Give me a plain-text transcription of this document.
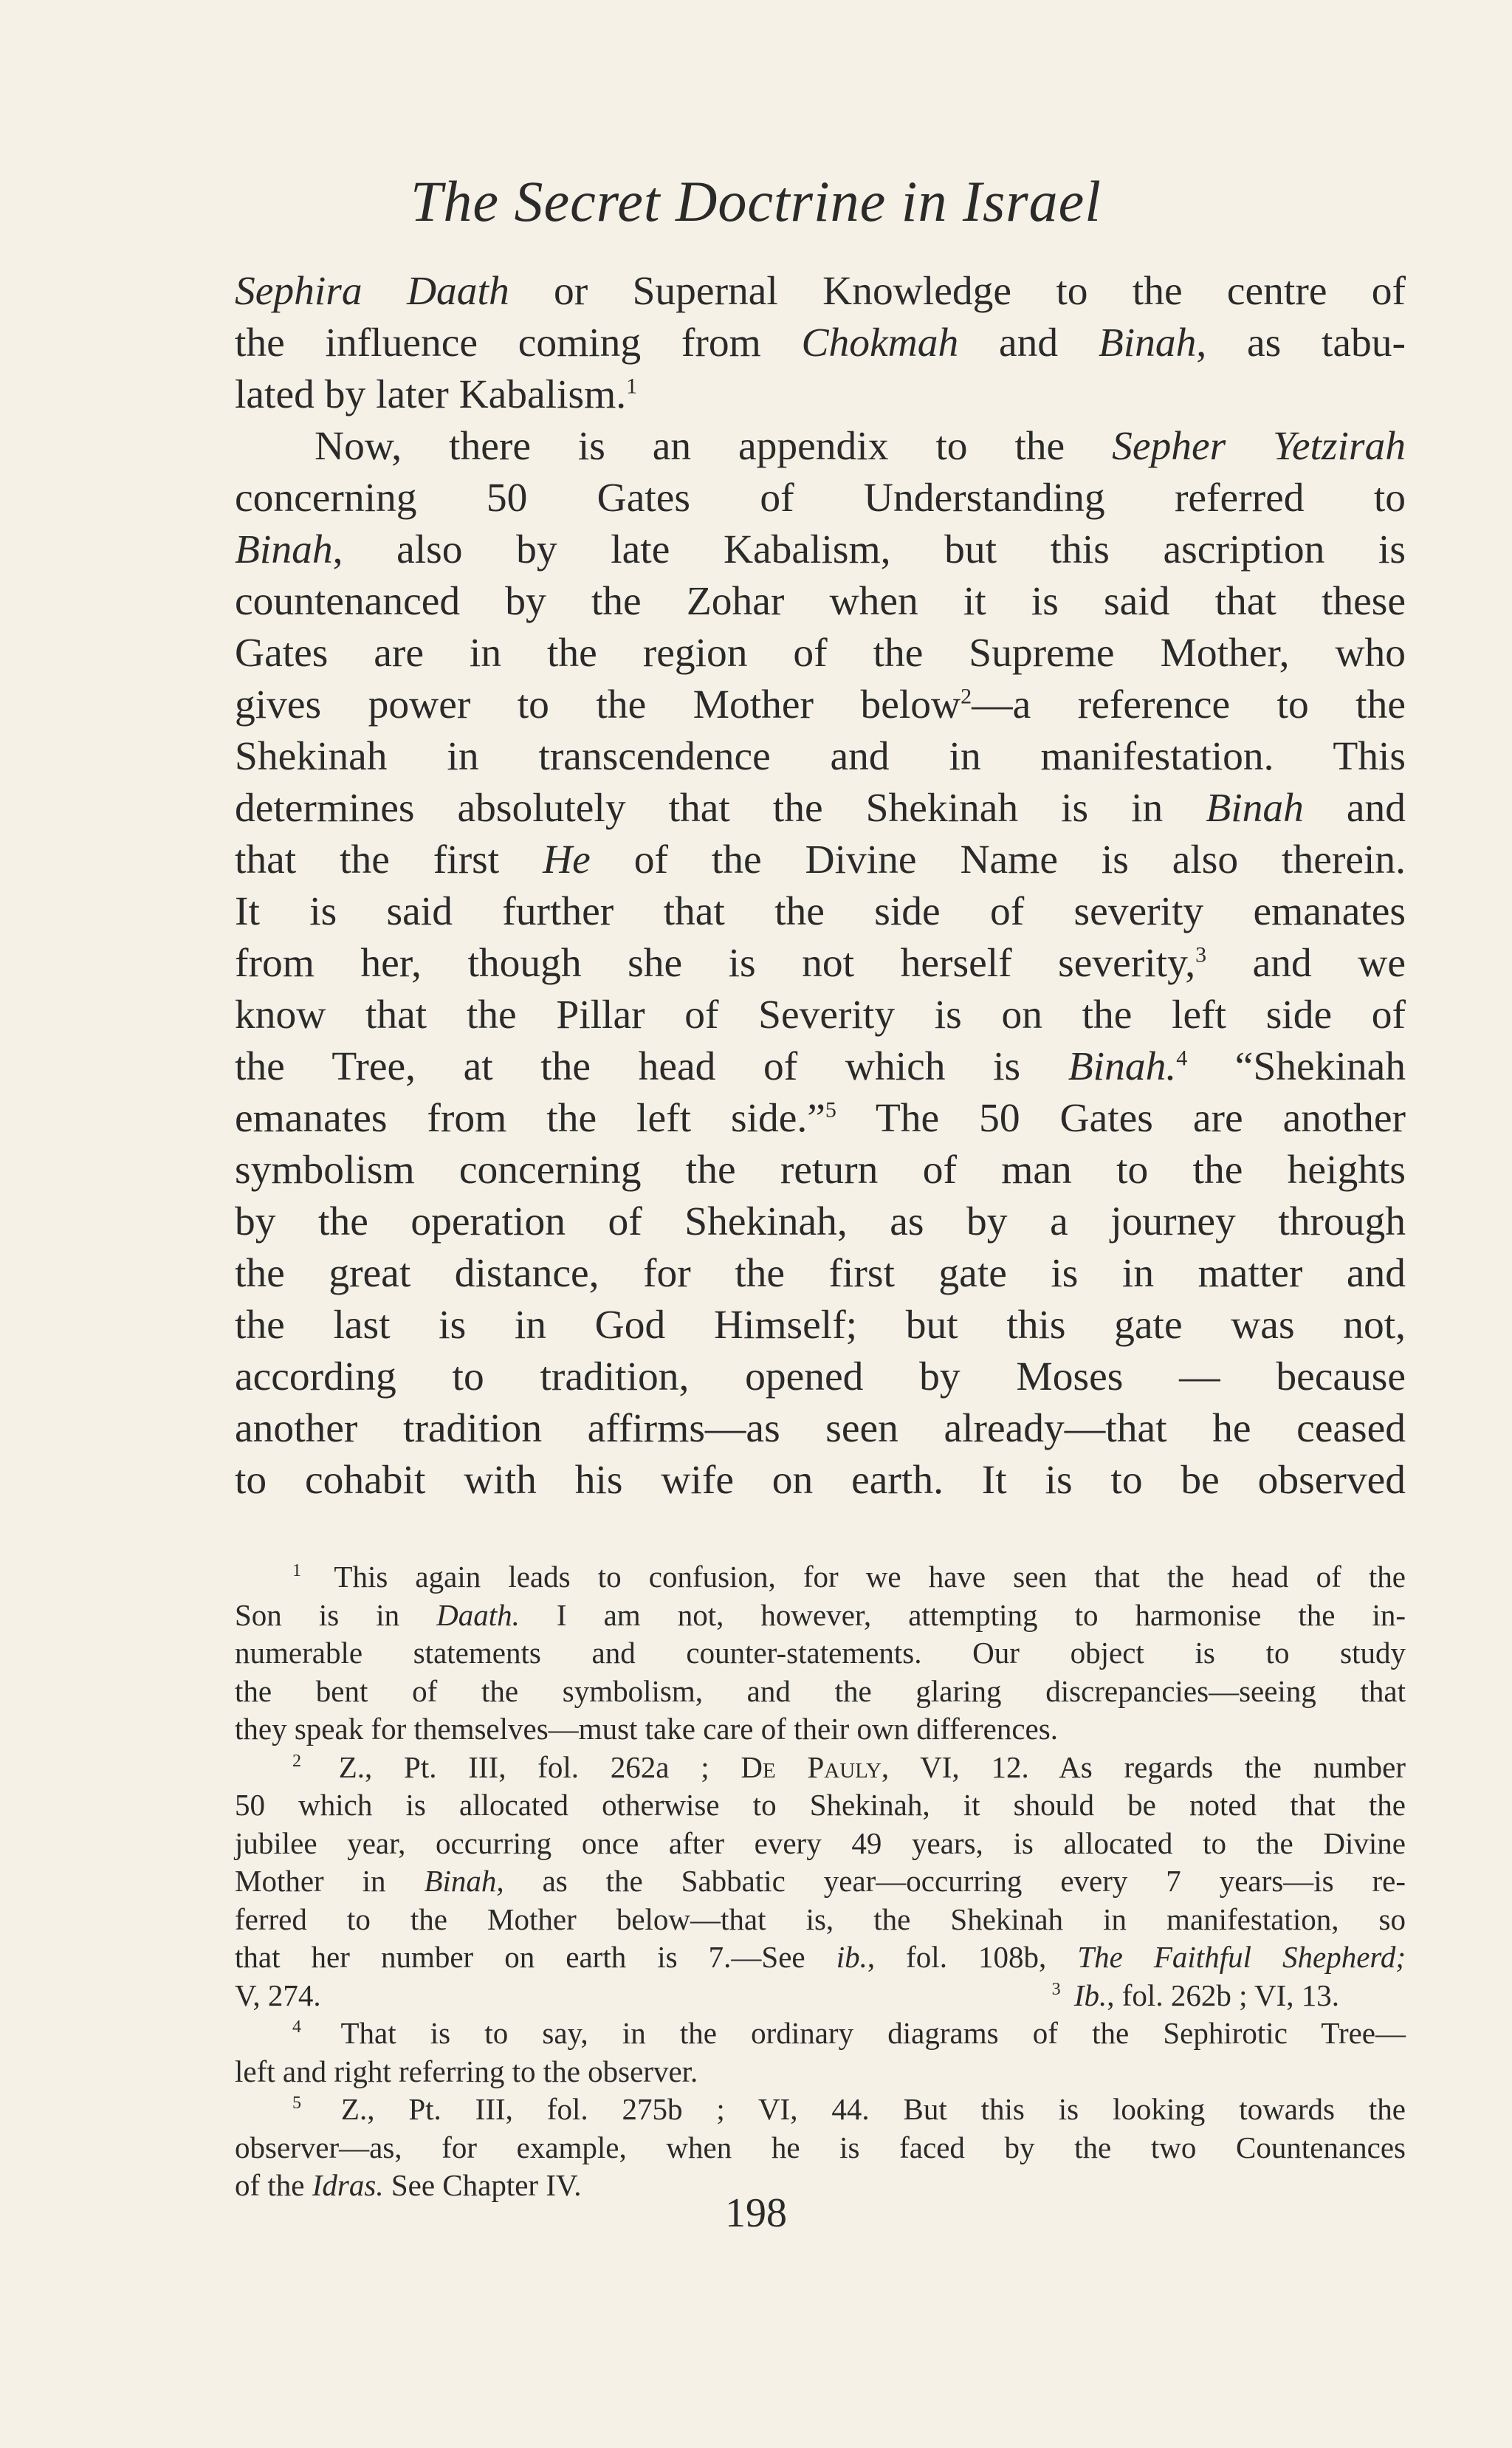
The Secret Doctrine in Israel
Sephira Daath or Supernal Knowledge to the centre of
the influence coming from Chokmah and Binah, as tabu-
lated by later Kabalism.$^1$
Now, there is an appendix to the Sepher Yetzirah
concerning 50 Gates of Understanding referred to
Binah, also by late Kabalism, but this ascription is
countenanced by the Zohar when it is said that these
Gates are in the region of the Supreme Mother, who
gives power to the Mother below$^2$—a reference to the
Shekinah in transcendence and in manifestation. This
determines absolutely that the Shekinah is in Binah and
that the first He of the Divine Name is also therein.
It is said further that the side of severity emanates
from her, though she is not herself severity,$^3$ and we
know that the Pillar of Severity is on the left side of
the Tree, at the head of which is Binah.$^4$ “Shekinah
emanates from the left side.”$^5$ The 50 Gates are another
symbolism concerning the return of man to the heights
by the operation of Shekinah, as by a journey through
the great distance, for the first gate is in matter and
the last is in God Himself; but this gate was not,
according to tradition, opened by Moses — because
another tradition affirms—as seen already—that he ceased
to cohabit with his wife on earth. It is to be observed
$^1$ This again leads to confusion, for we have seen that the head of the
Son is in Daath. I am not, however, attempting to harmonise the in-
numerable statements and counter-statements. Our object is to study
the bent of the symbolism, and the glaring discrepancies—seeing that
they speak for themselves—must take care of their own differences.
$^2$ Z., Pt. III, fol. 262a ; De Pauly, VI, 12. As regards the number
50 which is allocated otherwise to Shekinah, it should be noted that the
jubilee year, occurring once after every 49 years, is allocated to the Divine
Mother in Binah, as the Sabbatic year—occurring every 7 years—is re-
ferred to the Mother below—that is, the Shekinah in manifestation, so
that her number on earth is 7.—See ib., fol. 108b, The Faithful Shepherd;
V, 274.	$^3$ Ib., fol. 262b ; VI, 13.
$^4$ That is to say, in the ordinary diagrams of the Sephirotic Tree—
left and right referring to the observer.
$^5$ Z., Pt. III, fol. 275b ; VI, 44. But this is looking towards the
observer—as, for example, when he is faced by the two Countenances
of the Idras. See Chapter IV.
198
